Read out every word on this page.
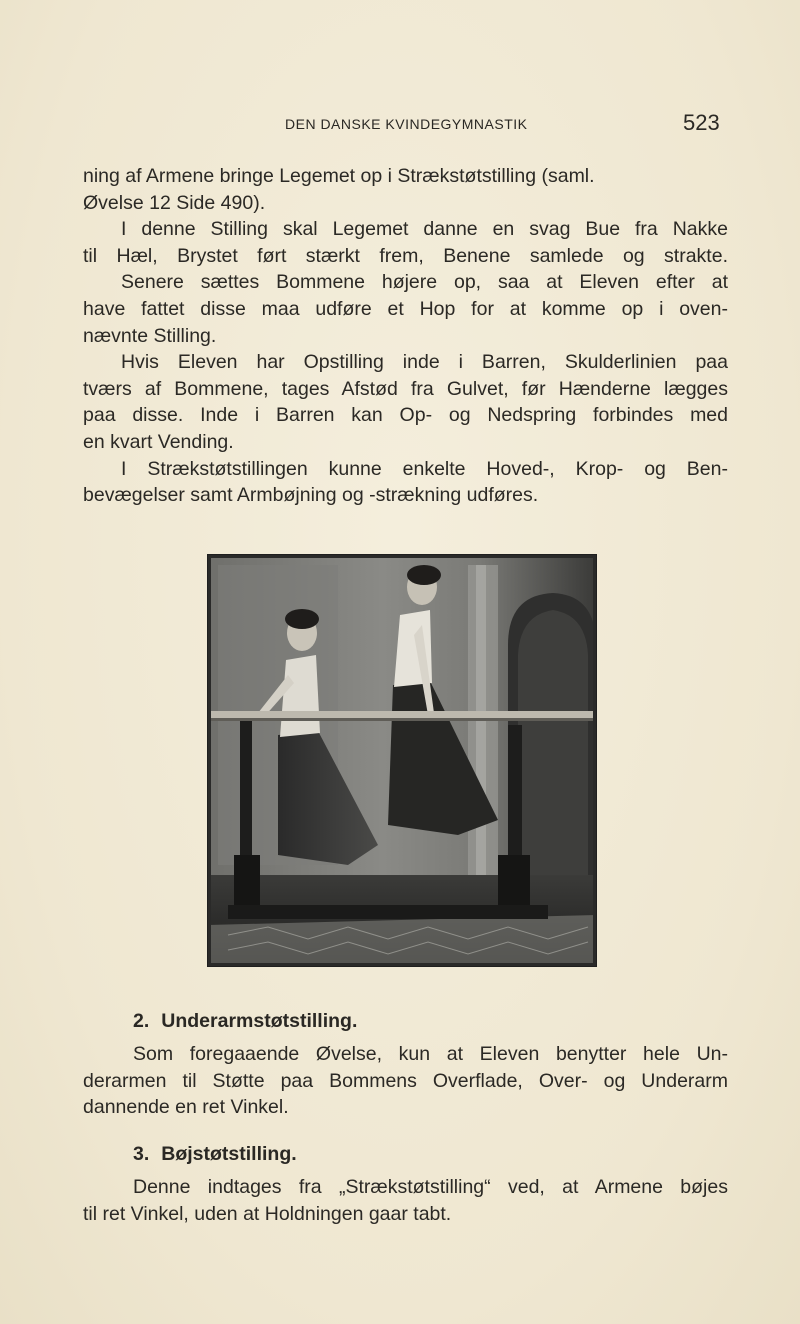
DEN DANSKE KVINDEGYMNASTIK	523

ning af Armene bringe Legemet op i Strækstøtstilling (saml.
Øvelse 12 Side 490).

I denne Stilling skal Legemet danne en svag Bue fra Nakke
til Hæl, Brystet ført stærkt frem, Benene samlede og strakte.
Senere sættes Bommene højere op, saa at Eleven efter at
have fattet disse maa udføre et Hop for at komme op i oven-
nævnte Stilling.

Hvis Eleven har Opstilling inde i Barren, Skulderlinien paa
tværs af Bommene, tages Afstød fra Gulvet, før Hænderne lægges
paa disse. Inde i Barren kan Op- og Nedspring forbindes med
en kvart Vending.

I Strækstøtstillingen kunne enkelte Hoved-, Krop- og Ben-
bevægelser samt Armbøjning og -strækning udføres.

2. Underarmstøtstilling.

Som foregaaende Øvelse, kun at Eleven benytter hele Un-
derarmen til Støtte paa Bommens Overflade, Over- og Underarm
dannende en ret Vinkel.

3. Bøjstøtstilling.

Denne indtages fra „Strækstøtstilling“ ved, at Armene bøjes
til ret Vinkel, uden at Holdningen gaar tabt.
